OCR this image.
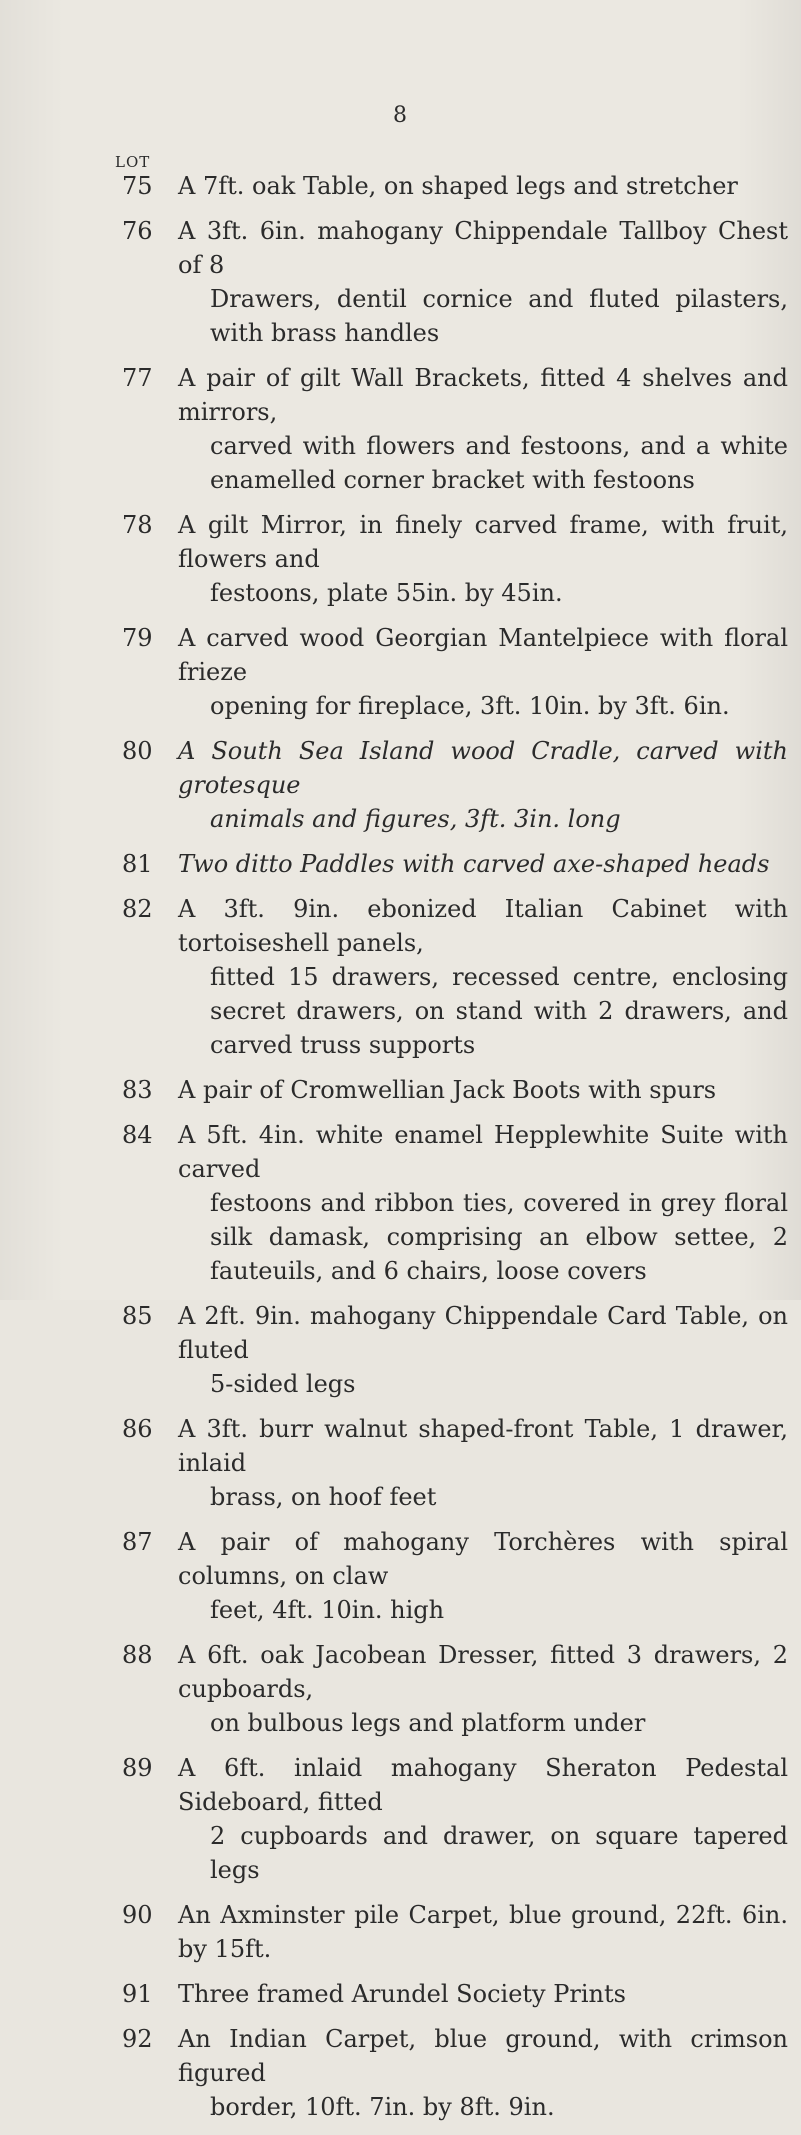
8
LOT
75	A 7ft. oak Table, on shaped legs and stretcher
76	A 3ft. 6in. mahogany Chippendale Tallboy Chest of 8
Drawers, dentil cornice and fluted pilasters, with brass handles
77	A pair of gilt Wall Brackets, fitted 4 shelves and mirrors,
carved with flowers and festoons, and a white enamelled corner bracket with festoons
78	A gilt Mirror, in finely carved frame, with fruit, flowers and
festoons, plate 55in. by 45in.
79	A carved wood Georgian Mantelpiece with floral frieze
opening for fireplace, 3ft. 10in. by 3ft. 6in.
80	A South Sea Island wood Cradle, carved with grotesque
animals and figures, 3ft. 3in. long
81	Two ditto Paddles with carved axe-shaped heads
82	A 3ft. 9in. ebonized Italian Cabinet with tortoiseshell panels,
fitted 15 drawers, recessed centre, enclosing secret drawers, on stand with 2 drawers, and carved truss supports
83	A pair of Cromwellian Jack Boots with spurs
84	A 5ft. 4in. white enamel Hepplewhite Suite with carved
festoons and ribbon ties, covered in grey floral silk damask, comprising an elbow settee, 2 fauteuils, and 6 chairs, loose covers
85	A 2ft. 9in. mahogany Chippendale Card Table, on fluted
5-sided legs
86	A 3ft. burr walnut shaped-front Table, 1 drawer, inlaid
brass, on hoof feet
87	A pair of mahogany Torchères with spiral columns, on claw
feet, 4ft. 10in. high
88	A 6ft. oak Jacobean Dresser, fitted 3 drawers, 2 cupboards,
on bulbous legs and platform under
89	A 6ft. inlaid mahogany Sheraton Pedestal Sideboard, fitted
2 cupboards and drawer, on square tapered legs
90	An Axminster pile Carpet, blue ground, 22ft. 6in. by 15ft.
91	Three framed Arundel Society Prints
92	An Indian Carpet, blue ground, with crimson figured
border, 10ft. 7in. by 8ft. 9in.
